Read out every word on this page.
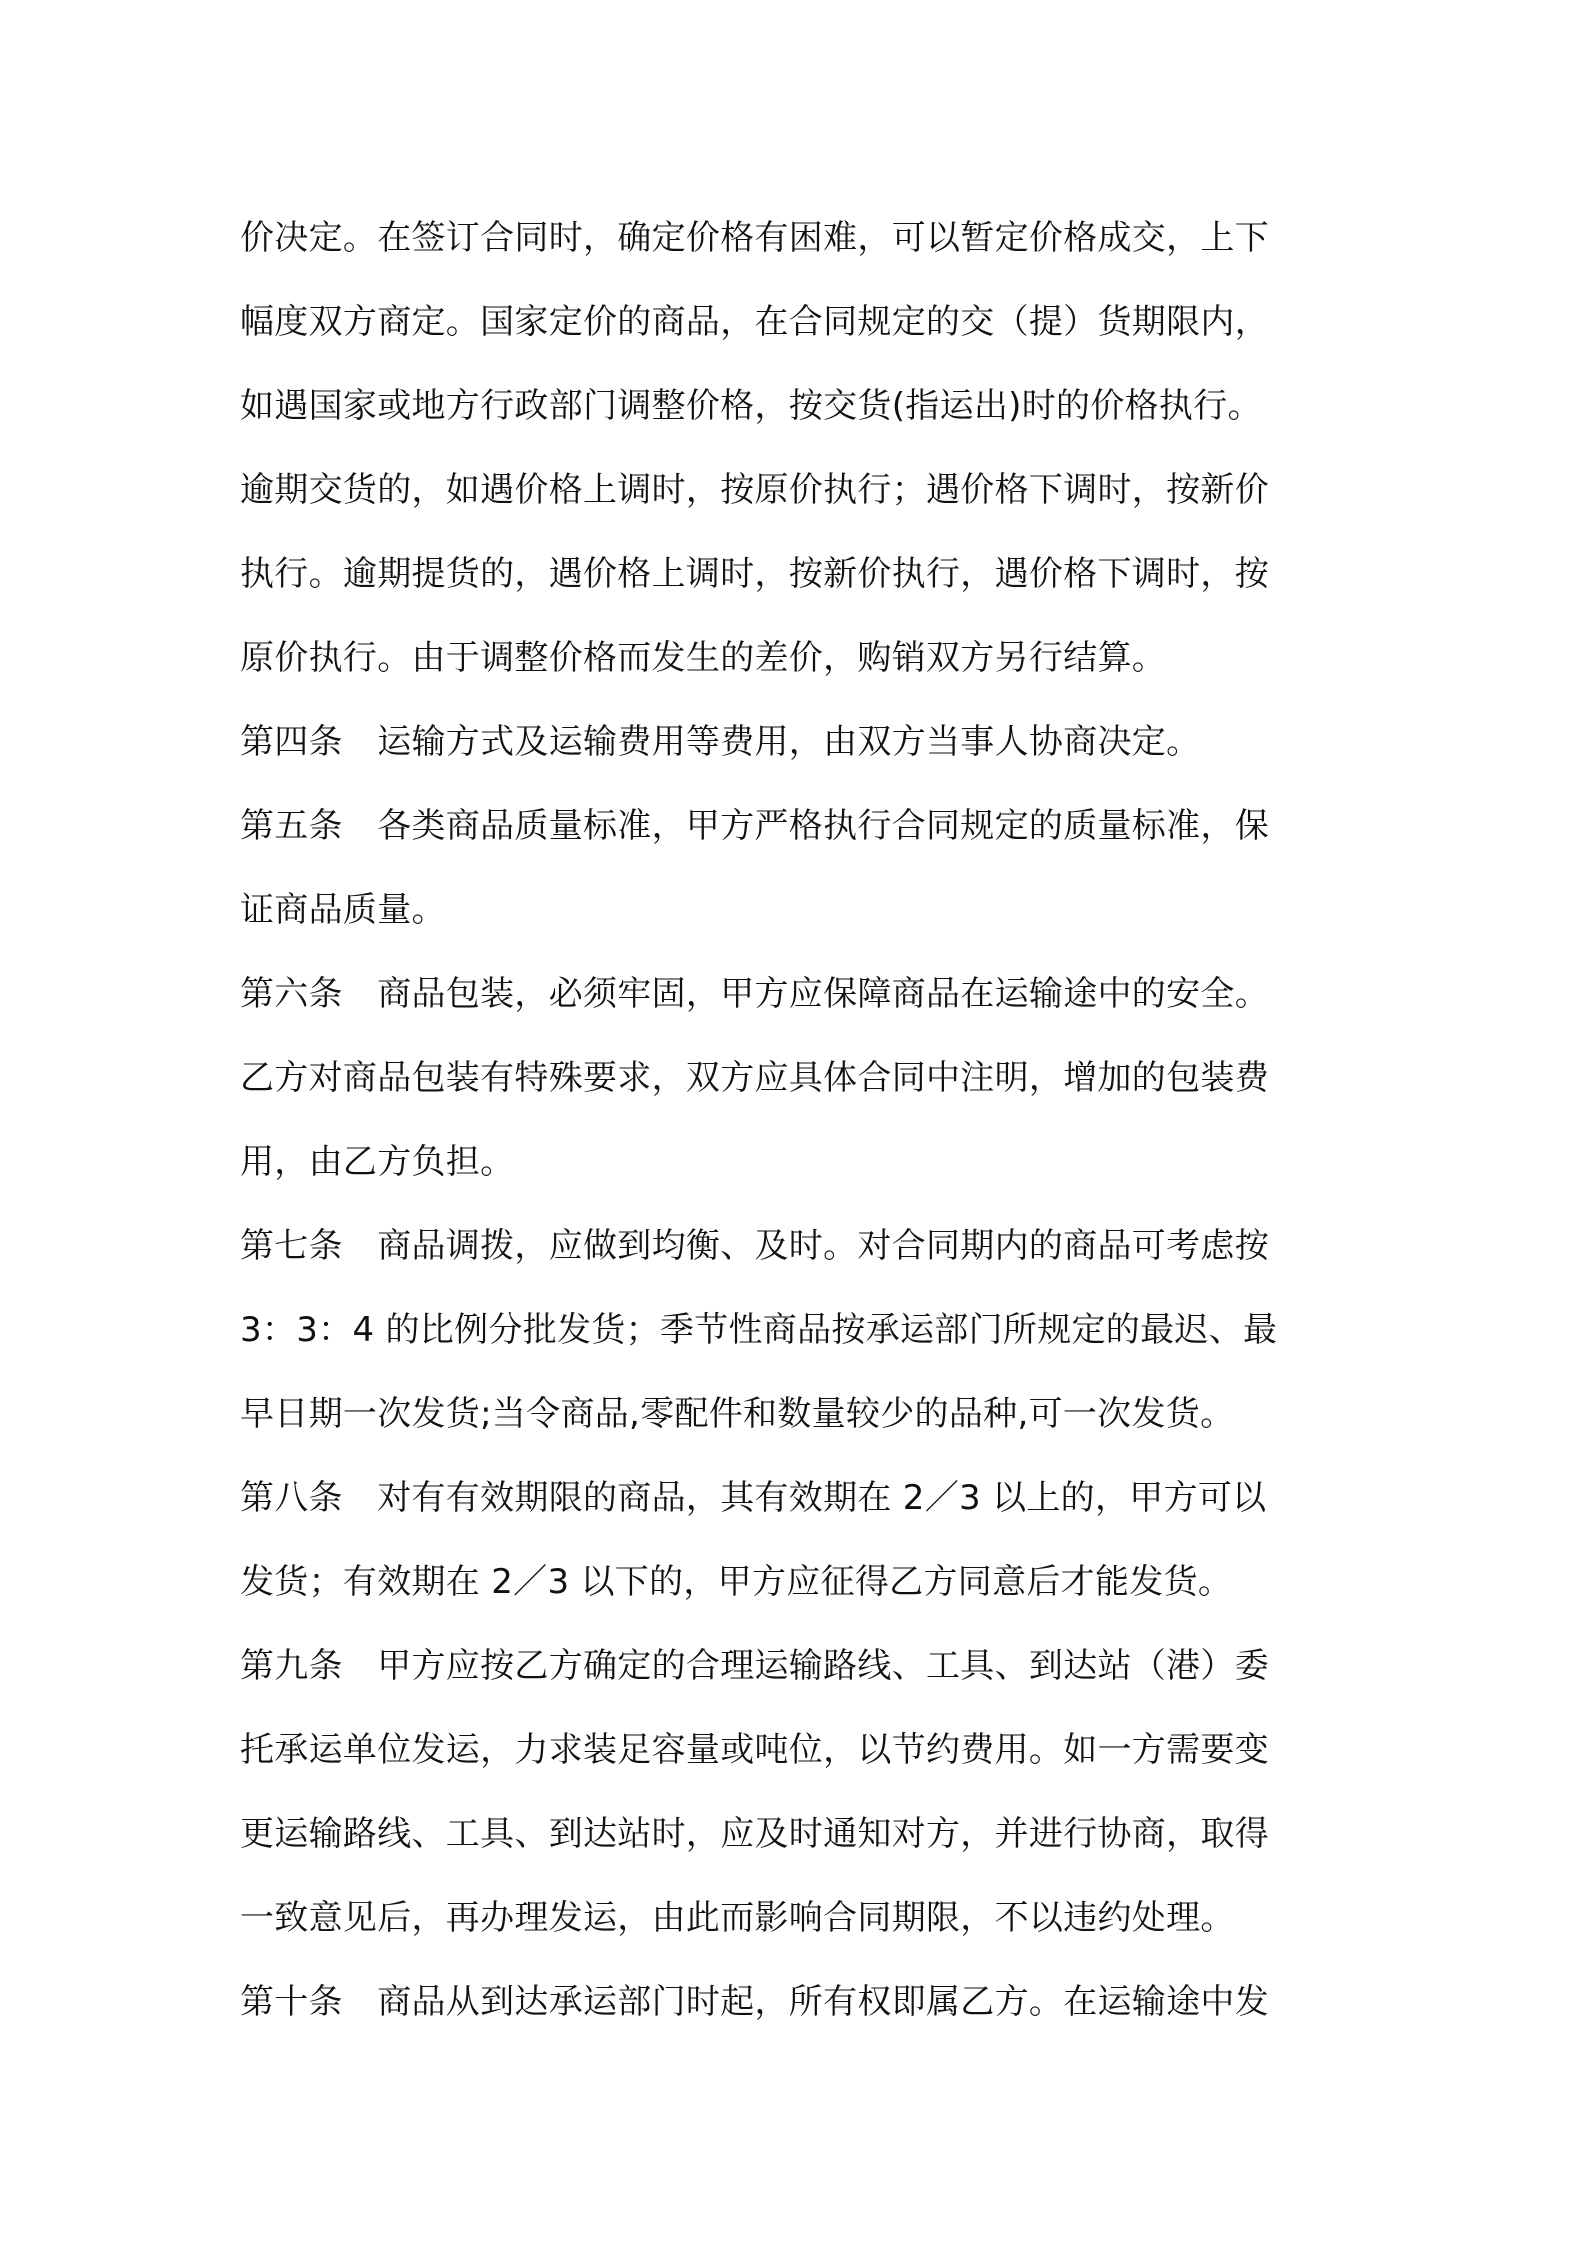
价决定。在签订合同时，确定价格有困难，可以暂定价格成交，上下
幅度双方商定。国家定价的商品，在合同规定的交（提）货期限内，
如遇国家或地方行政部门调整价格，按交货(指运出)时的价格执行。
逾期交货的，如遇价格上调时，按原价执行；遇价格下调时，按新价
执行。逾期提货的，遇价格上调时，按新价执行，遇价格下调时，按
原价执行。由于调整价格而发生的差价，购销双方另行结算。
第四条　运输方式及运输费用等费用，由双方当事人协商决定。
第五条　各类商品质量标准，甲方严格执行合同规定的质量标准，保
证商品质量。
第六条　商品包装，必须牢固，甲方应保障商品在运输途中的安全。
乙方对商品包装有特殊要求，双方应具体合同中注明，增加的包装费
用，由乙方负担。
第七条　商品调拨，应做到均衡、及时。对合同期内的商品可考虑按
3：3：4 的比例分批发货；季节性商品按承运部门所规定的最迟、最
早日期一次发货;当令商品,零配件和数量较少的品种,可一次发货。
第八条　对有有效期限的商品，其有效期在 2／3 以上的，甲方可以
发货；有效期在 2／3 以下的，甲方应征得乙方同意后才能发货。
第九条　甲方应按乙方确定的合理运输路线、工具、到达站（港）委
托承运单位发运，力求装足容量或吨位，以节约费用。如一方需要变
更运输路线、工具、到达站时，应及时通知对方，并进行协商，取得
一致意见后，再办理发运，由此而影响合同期限，不以违约处理。
第十条　商品从到达承运部门时起，所有权即属乙方。在运输途中发
